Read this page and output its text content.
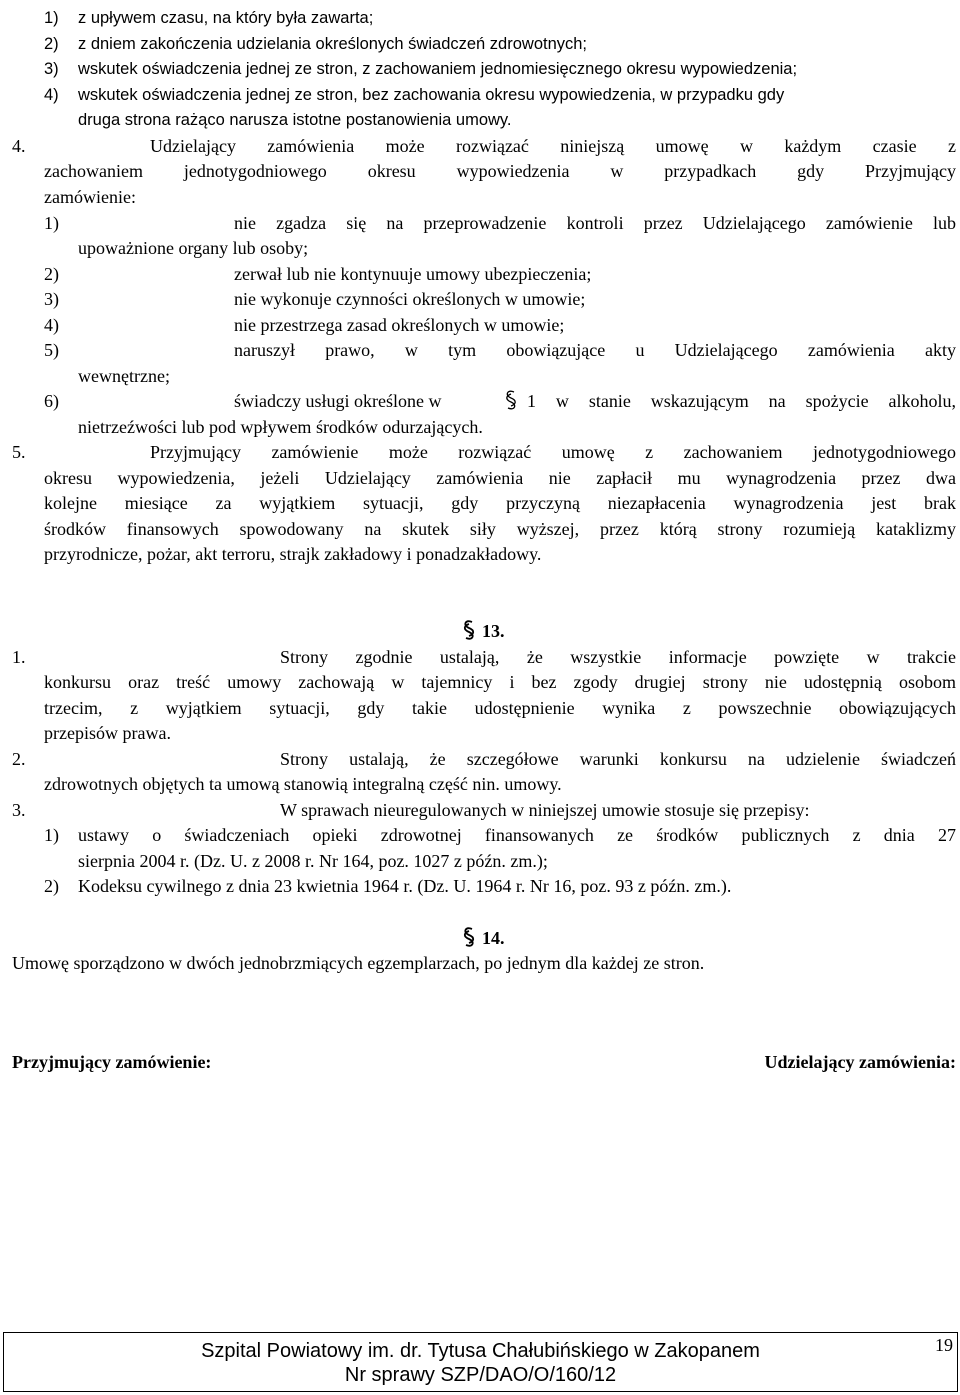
1) z upływem czasu, na który była zawarta;
2) z dniem zakończenia udzielania określonych świadczeń zdrowotnych;
3) wskutek oświadczenia jednej ze stron, z zachowaniem jednomiesięcznego okresu wypowiedzenia;
4) wskutek oświadczenia jednej ze stron, bez zachowania okresu wypowiedzenia, w przypadku gdy
druga strona rażąco narusza istotne postanowienia umowy.
4.	Udzielający zamówienia może rozwiązać niniejszą umowę w każdym czasie z
zachowaniem jednotygodniowego okresu wypowiedzenia w przypadkach gdy Przyjmujący
zamówienie:
1)	nie zgadza się na przeprowadzenie kontroli przez Udzielającego zamówienie lub
upoważnione organy lub osoby;
2)	zerwał lub nie kontynuuje umowy ubezpieczenia;
3)	nie wykonuje czynności określonych w umowie;
4)	nie przestrzega zasad określonych w umowie;
5)	naruszył prawo, w tym obowiązujące u Udzielającego zamówienia akty
wewnętrzne;
6)	świadczy usługi określone w	1 w stanie wskazującym na spożycie alkoholu,
nietrzeźwości lub pod wpływem środków odurzających.
5.	Przyjmujący zamówienie może rozwiązać umowę z zachowaniem jednotygodniowego
okresu wypowiedzenia, jeżeli Udzielający zamówienia nie zapłacił mu wynagrodzenia przez dwa
kolejne miesiące za wyjątkiem sytuacji, gdy przyczyną niezapłacenia wynagrodzenia jest brak
środków finansowych spowodowany na skutek siły wyższej, przez którą strony rozumieją kataklizmy
przyrodnicze, pożar, akt terroru, strajk zakładowy i ponadzakładowy.
13.
1.	Strony zgodnie ustalają, że wszystkie informacje powzięte w trakcie
konkursu oraz treść umowy zachowają w tajemnicy i bez zgody drugiej strony nie udostępnią osobom
trzecim, z wyjątkiem sytuacji, gdy takie udostępnienie wynika z powszechnie obowiązujących
przepisów prawa.
2.	Strony ustalają, że szczegółowe warunki konkursu na udzielenie świadczeń
zdrowotnych objętych ta umową stanowią integralną część nin. umowy.
3.	W sprawach nieuregulowanych w niniejszej umowie stosuje się przepisy:
1) ustawy o świadczeniach opieki zdrowotnej finansowanych ze środków publicznych z dnia 27
sierpnia 2004 r. (Dz. U. z 2008 r. Nr 164, poz. 1027 z późn. zm.);
2) Kodeksu cywilnego z dnia 23 kwietnia 1964 r. (Dz. U. 1964 r. Nr 16, poz. 93 z późn. zm.).
14.
Umowę sporządzono w dwóch jednobrzmiących egzemplarzach, po jednym dla każdej ze stron.
Przyjmujący zamówienie:	Udzielający zamówienia:
Szpital Powiatowy im. dr. Tytusa Chałubińskiego w Zakopanem
Nr sprawy SZP/DAO/O/160/12
19
